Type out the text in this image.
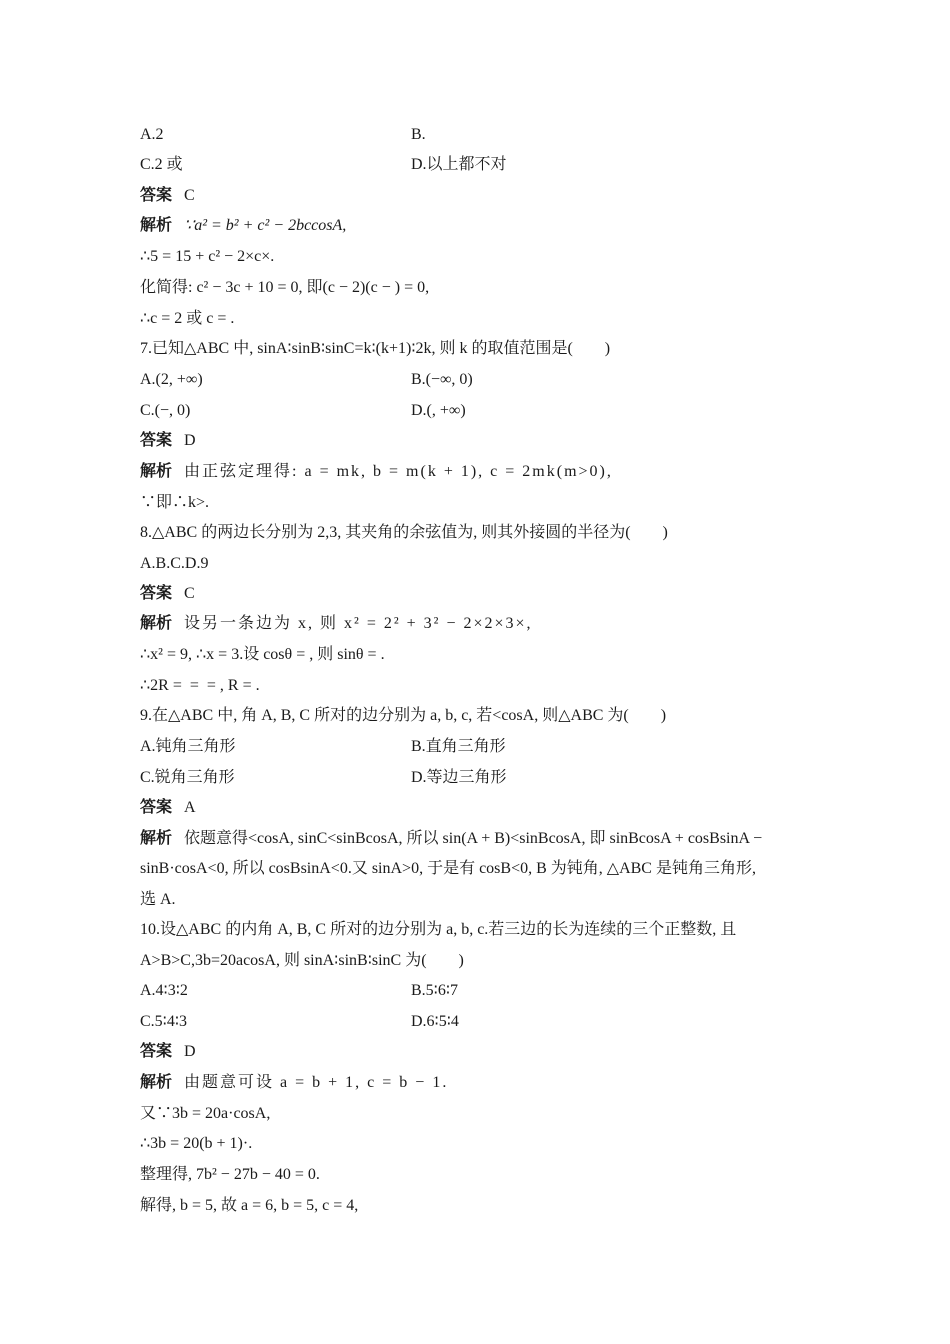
A.2	B.
C.2 或	D.以上都不对
答案 C
解析 ∵a² = b² + c² − 2bccosA,
∴5 = 15 + c² − 2×c×.
化简得: c² − 3c + 10 = 0, 即(c − 2)(c − ) = 0,
∴c = 2 或 c = .
7.已知△ABC 中, sinA∶sinB∶sinC=k∶(k+1)∶2k, 则 k 的取值范围是(        )
A.(2, +∞)	B.(−∞, 0)
C.(−, 0)	D.(, +∞)
答案 D
解析 由正弦定理得: a = mk, b = m(k + 1), c = 2mk(m>0),
∵即∴k>.
8.△ABC 的两边长分别为 2,3, 其夹角的余弦值为, 则其外接圆的半径为(        )
A.B.C.D.9
答案 C
解析 设另一条边为 x, 则 x² = 2² + 3² − 2×2×3×,
∴x² = 9, ∴x = 3.设 cosθ = , 则 sinθ = .
∴2R =  =  = , R = .
9.在△ABC 中, 角 A, B, C 所对的边分别为 a, b, c, 若<cosA, 则△ABC 为(        )
A.钝角三角形	B.直角三角形
C.锐角三角形	D.等边三角形
答案 A
解析 依题意得<cosA, sinC<sinBcosA, 所以 sin(A + B)<sinBcosA, 即 sinBcosA + cosBsinA −
sinB·cosA<0, 所以 cosBsinA<0.又 sinA>0, 于是有 cosB<0, B 为钝角, △ABC 是钝角三角形,
选 A.
10.设△ABC 的内角 A, B, C 所对的边分别为 a, b, c.若三边的长为连续的三个正整数, 且
A>B>C,3b=20acosA, 则 sinA∶sinB∶sinC 为(        )
A.4∶3∶2	B.5∶6∶7
C.5∶4∶3	D.6∶5∶4
答案 D
解析 由题意可设 a = b + 1, c = b − 1.
又∵3b = 20a·cosA,
∴3b = 20(b + 1)·.
整理得, 7b² − 27b − 40 = 0.
解得, b = 5, 故 a = 6, b = 5, c = 4,
